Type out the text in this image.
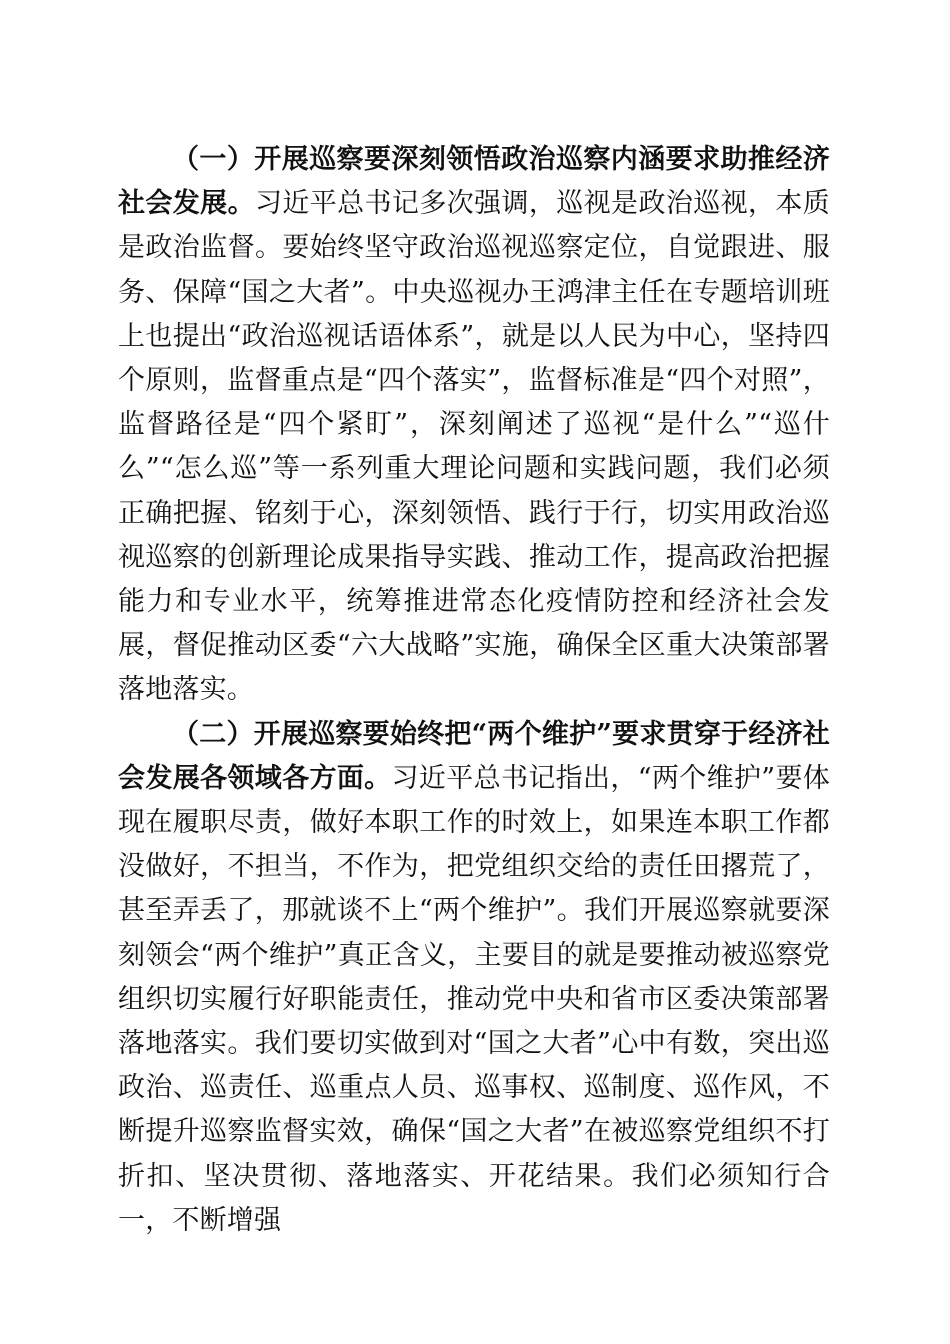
（一）开展巡察要深刻领悟政治巡察内涵要求助推经济社会发展。习近平总书记多次强调，巡视是政治巡视，本质是政治监督。要始终坚守政治巡视巡察定位，自觉跟进、服务、保障“国之大者”。中央巡视办王鸿津主任在专题培训班上也提出“政治巡视话语体系”，就是以人民为中心，坚持四个原则，监督重点是“四个落实”，监督标准是“四个对照”，监督路径是“四个紧盯”，深刻阐述了巡视“是什么”“巡什么”“怎么巡”等一系列重大理论问题和实践问题，我们必须正确把握、铭刻于心，深刻领悟、践行于行，切实用政治巡视巡察的创新理论成果指导实践、推动工作，提高政治把握能力和专业水平，统筹推进常态化疫情防控和经济社会发展，督促推动区委“六大战略”实施，确保全区重大决策部署落地落实。

（二）开展巡察要始终把“两个维护”要求贯穿于经济社会发展各领域各方面。习近平总书记指出，“两个维护”要体现在履职尽责，做好本职工作的时效上，如果连本职工作都没做好，不担当，不作为，把党组织交给的责任田撂荒了，甚至弄丢了，那就谈不上“两个维护”。我们开展巡察就要深刻领会“两个维护”真正含义，主要目的就是要推动被巡察党组织切实履行好职能责任，推动党中央和省市区委决策部署落地落实。我们要切实做到对“国之大者”心中有数，突出巡政治、巡责任、巡重点人员、巡事权、巡制度、巡作风，不断提升巡察监督实效，确保“国之大者”在被巡察党组织不打折扣、坚决贯彻、落地落实、开花结果。我们必须知行合一，不断增强
